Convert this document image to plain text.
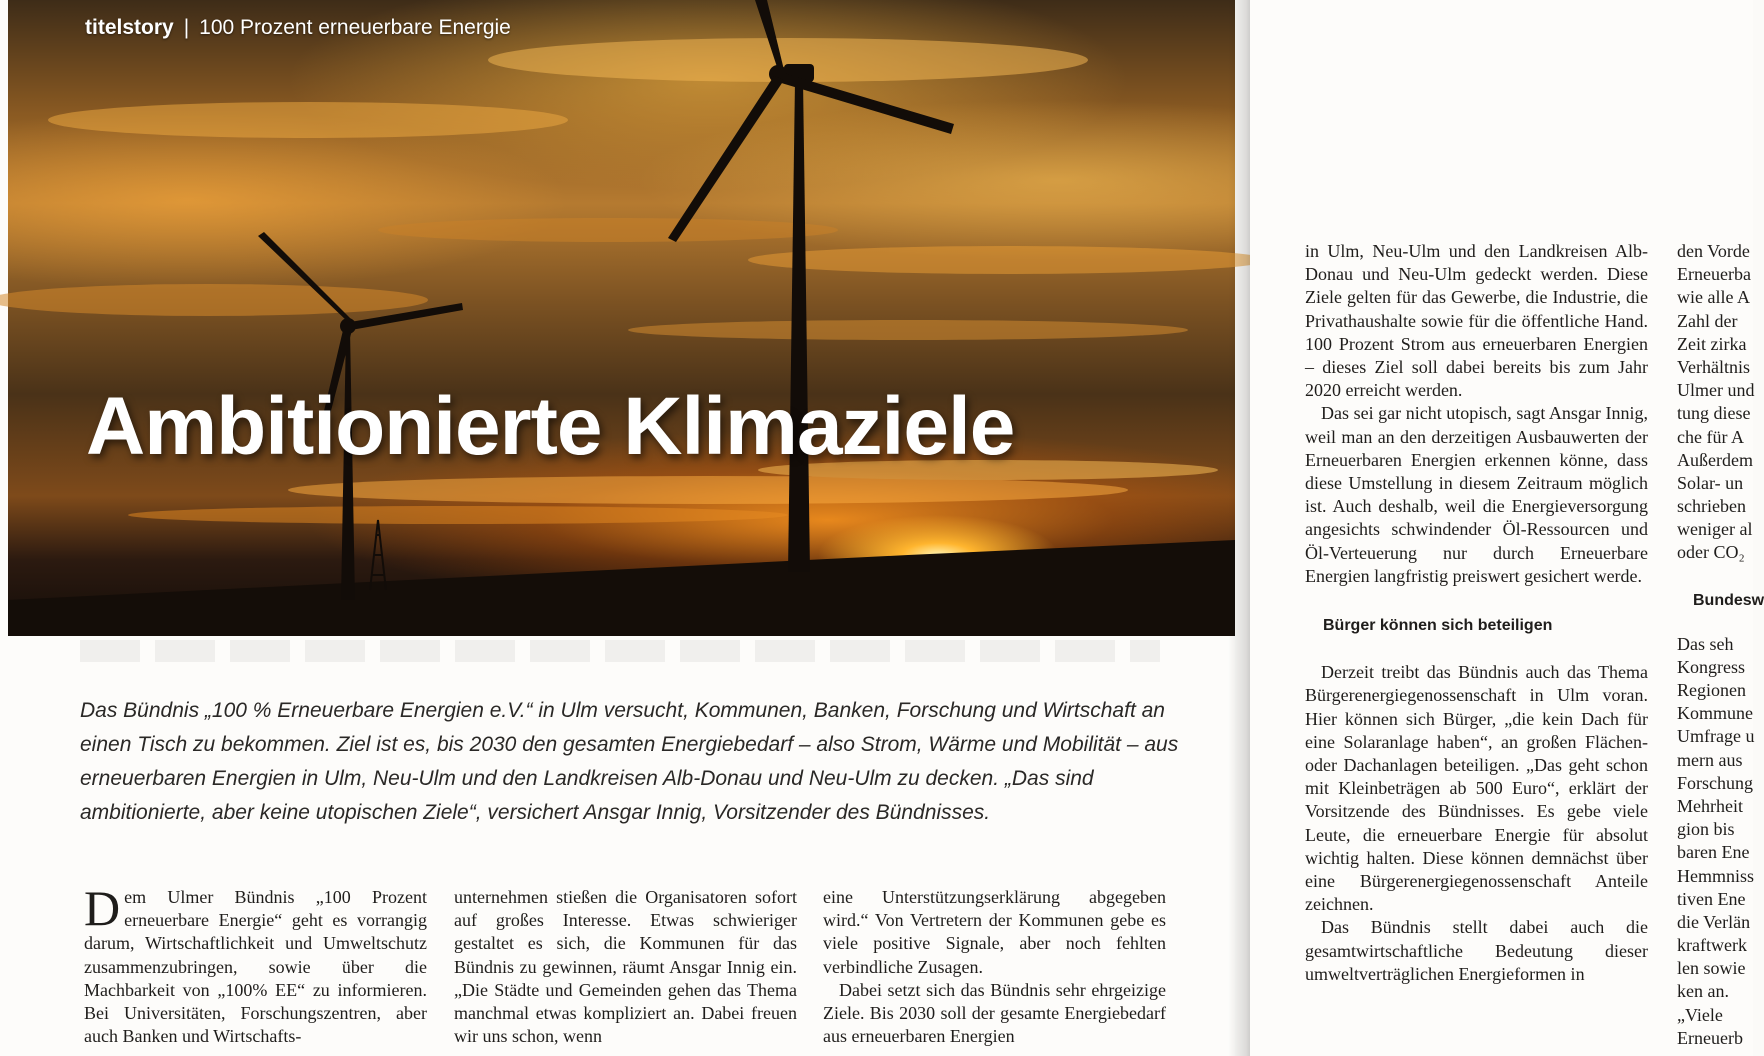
titelstory | 100 Prozent erneuerbare Energie
Ambitionierte Klimaziele
Das Bündnis „100 % Erneuerbare Energien e.V.“ in Ulm versucht, Kommunen, Banken, Forschung und Wirtschaft an einen Tisch zu bekommen. Ziel ist es, bis 2030 den gesamten Energiebedarf – also Strom, Wärme und Mobilität – aus erneuerbaren Energien in Ulm, Neu-Ulm und den Landkreisen Alb-Donau und Neu-Ulm zu decken. „Das sind ambitionierte, aber keine utopischen Ziele“, versichert Ansgar Innig, Vorsitzender des Bündnisses.

Dem Ulmer Bündnis „100 Prozent erneuerbare Energie“ geht es vorrangig darum, Wirtschaftlichkeit und Umweltschutz zusammenzubringen, sowie über die Machbarkeit von „100% EE“ zu informieren. Bei Universitäten, Forschungszentren, aber auch Banken und Wirtschafts-

unternehmen stießen die Organisatoren sofort auf großes Interesse. Etwas schwieriger gestaltet es sich, die Kommunen für das Bündnis zu gewinnen, räumt Ansgar Innig ein. „Die Städte und Gemeinden gehen das Thema manchmal etwas kompliziert an. Dabei freuen wir uns schon, wenn

eine Unterstützungserklärung abgegeben wird.“ Von Vertretern der Kommunen gebe es viele positive Signale, aber noch fehlten verbindliche Zusagen.

Dabei setzt sich das Bündnis sehr ehrgeizige Ziele. Bis 2030 soll der gesamte Energiebedarf aus erneuerbaren Energien

in Ulm, Neu-Ulm und den Landkreisen Alb-Donau und Neu-Ulm gedeckt werden. Diese Ziele gelten für das Gewerbe, die Industrie, die Privathaushalte sowie für die öffentliche Hand. 100 Prozent Strom aus erneuerbaren Energien – dieses Ziel soll dabei bereits bis zum Jahr 2020 erreicht werden.

Das sei gar nicht utopisch, sagt Ansgar Innig, weil man an den derzeitigen Ausbauwerten der Erneuerbaren Energien erkennen könne, dass diese Umstellung in diesem Zeitraum möglich ist. Auch deshalb, weil die Energieversorgung angesichts schwindender Öl-Ressourcen und Öl-Verteuerung nur durch Erneuerbare Energien langfristig preiswert gesichert werde.

Bürger können sich beteiligen

Derzeit treibt das Bündnis auch das Thema Bürgerenergiegenossenschaft in Ulm voran. Hier können sich Bürger, „die kein Dach für eine Solaranlage haben“, an großen Flächen- oder Dachanlagen beteiligen. „Das geht schon mit Kleinbeträgen ab 500 Euro“, erklärt der Vorsitzende des Bündnisses. Es gebe viele Leute, die erneuerbare Energie für absolut wichtig halten. Diese können demnächst über eine Bürgerenergiegenossenschaft Anteile zeichnen.

Das Bündnis stellt dabei auch die gesamtwirtschaftliche Bedeutung dieser umweltverträglichen Energieformen in

den Vorde
Erneuerba
wie alle A
Zahl der
Zeit zirka
Verhältnis
Ulmer und
tung diese
che für A
Außerdem
Solar- un
schrieben
weniger al
oder CO₂
Bundesw
Das seh
Kongress
Regionen
Kommune
Umfrage u
mern aus
Forschung
Mehrheit
gion bis
baren Ene
Hemmniss
tiven Ene
die Verlän
kraftwerk
len sowie
ken an.
„Viele
Erneuerb
